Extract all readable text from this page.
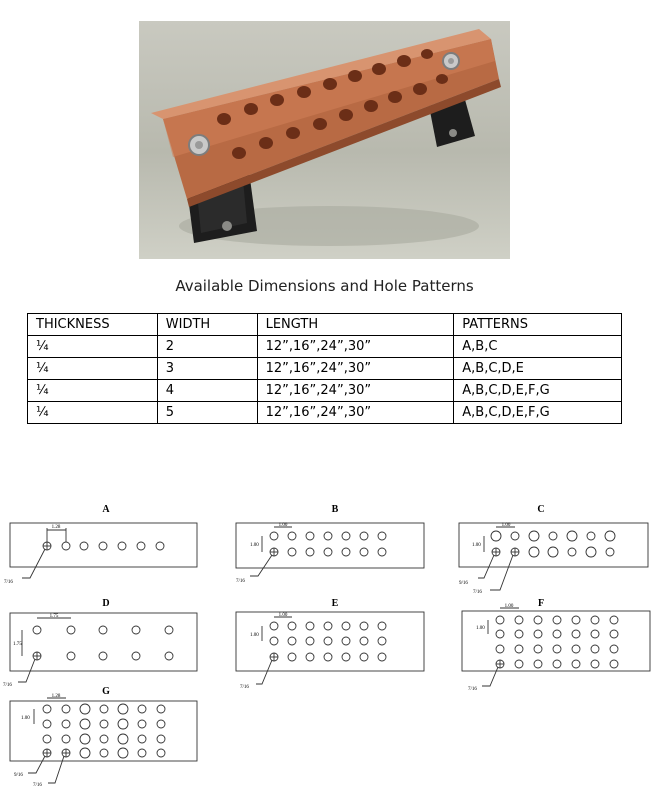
Available Dimensions and Hole Patterns
THICKNESS	WIDTH	LENGTH	PATTERNS
¼	2	12”,16”,24”,30”	A,B,C
¼	3	12”,16”,24”,30”	A,B,C,D,E
¼	4	12”,16”,24”,30”	A,B,C,D,E,F,G
¼	5	12”,16”,24”,30”	A,B,C,D,E,F,G
A
1.28
7/16
B
1.00
1.00
7/16
C
1.00
1.00
9/16
7/16
D
1.75
1.75
7/16
E
1.00
1.00
7/16
F
1.00
1.00
7/16
G
1.28
1.00
9/16
7/16
